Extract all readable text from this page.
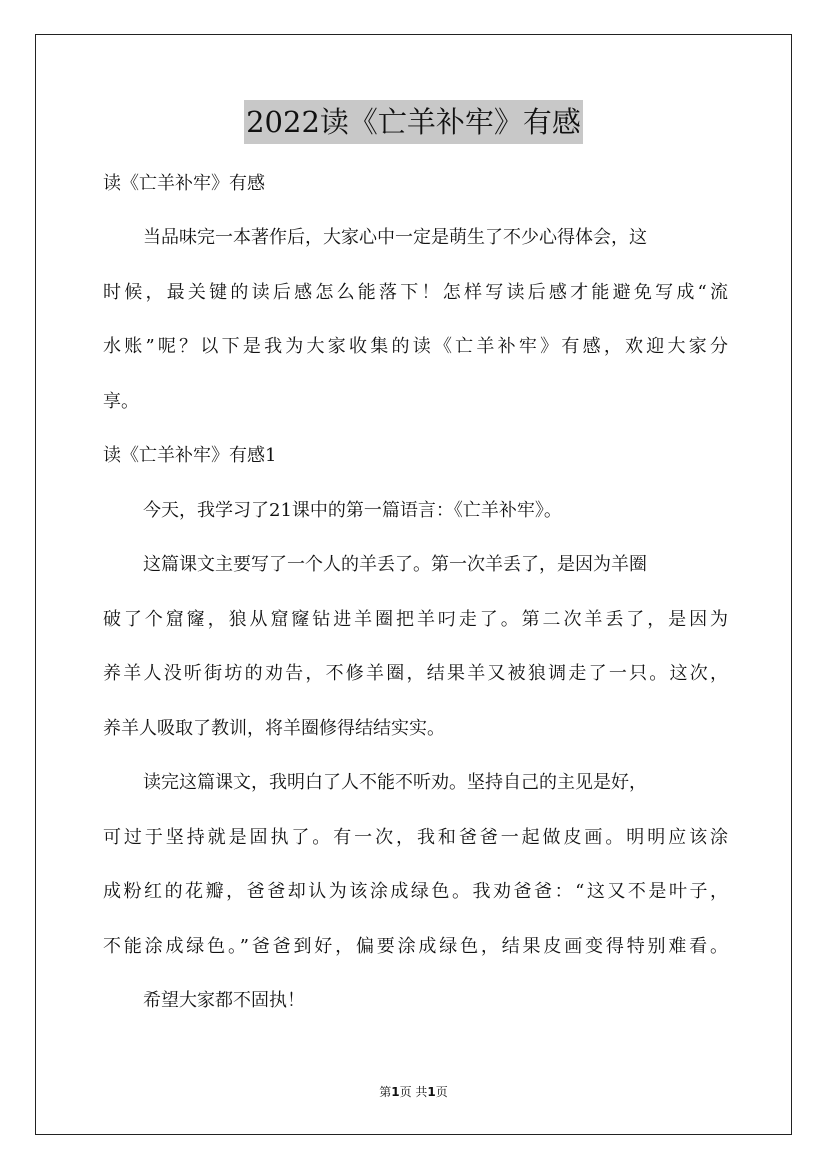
2022读《亡羊补牢》有感

读《亡羊补牢》有感

当品味完一本著作后，大家心中一定是萌生了不少心得体会，这

时候，最关键的读后感怎么能落下！怎样写读后感才能避免写成“流

水账”呢？以下是我为大家收集的读《亡羊补牢》有感，欢迎大家分

享。

读《亡羊补牢》有感1

今天，我学习了21课中的第一篇语言：《亡羊补牢》。

这篇课文主要写了一个人的羊丢了。第一次羊丢了，是因为羊圈

破了个窟窿，狼从窟窿钻进羊圈把羊叼走了。第二次羊丢了，是因为

养羊人没听街坊的劝告，不修羊圈，结果羊又被狼调走了一只。这次，

养羊人吸取了教训，将羊圈修得结结实实。

读完这篇课文，我明白了人不能不听劝。坚持自己的主见是好，

可过于坚持就是固执了。有一次，我和爸爸一起做皮画。明明应该涂

成粉红的花瓣，爸爸却认为该涂成绿色。我劝爸爸：“这又不是叶子，

不能涂成绿色。”爸爸到好，偏要涂成绿色，结果皮画变得特别难看。

希望大家都不固执！

第1页 共1页
